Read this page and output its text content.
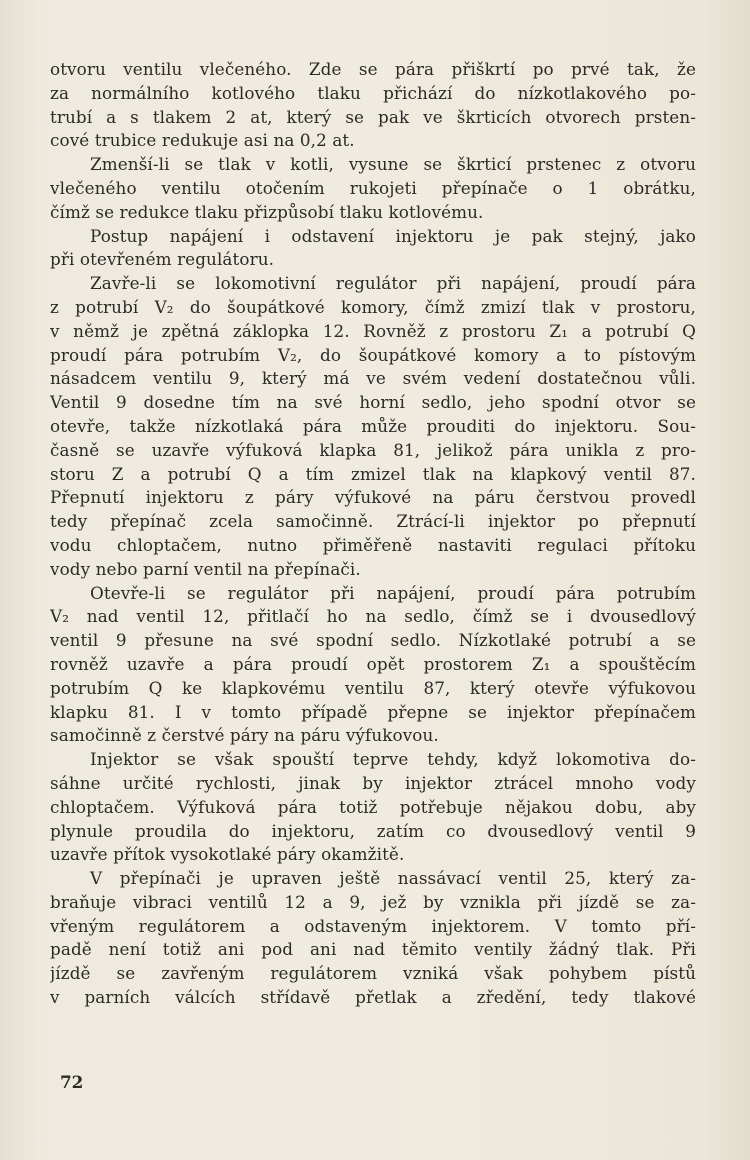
otvoru ventilu vlečeného. Zde se pára přiškrtí po prvé tak, že
za normálního kotlového tlaku přichází do nízkotlakového po-
trubí a s tlakem 2 at, který se pak ve škrticích otvorech prsten-
cové trubice redukuje asi na 0,2 at.
Zmenší-li se tlak v kotli, vysune se škrticí prstenec z otvoru
vlečeného ventilu otočením rukojeti přepínače o 1 obrátku,
čímž se redukce tlaku přizpůsobí tlaku kotlovému.
Postup napájení i odstavení injektoru je pak stejný, jako
při otevřeném regulátoru.
Zavře-li se lokomotivní regulátor při napájení, proudí pára
z potrubí V₂ do šoupátkové komory, čímž zmizí tlak v prostoru,
v němž je zpětná záklopka 12. Rovněž z prostoru Z₁ a potrubí Q
proudí pára potrubím V₂, do šoupátkové komory a to pístovým
násadcem ventilu 9, který má ve svém vedení dostatečnou vůli.
Ventil 9 dosedne tím na své horní sedlo, jeho spodní otvor se
otevře, takže nízkotlaká pára může prouditi do injektoru. Sou-
časně se uzavře výfuková klapka 81, jelikož pára unikla z pro-
storu Z a potrubí Q a tím zmizel tlak na klapkový ventil 87.
Přepnutí injektoru z páry výfukové na páru čerstvou provedl
tedy přepínač zcela samočinně. Ztrácí-li injektor po přepnutí
vodu chloptačem, nutno přiměřeně nastaviti regulaci přítoku
vody nebo parní ventil na přepínači.
Otevře-li se regulátor při napájení, proudí pára potrubím
V₂ nad ventil 12, přitlačí ho na sedlo, čímž se i dvousedlový
ventil 9 přesune na své spodní sedlo. Nízkotlaké potrubí a se
rovněž uzavře a pára proudí opět prostorem Z₁ a spouštěcím
potrubím Q ke klapkovému ventilu 87, který otevře výfukovou
klapku 81. I v tomto případě přepne se injektor přepínačem
samočinně z čerstvé páry na páru výfukovou.
Injektor se však spouští teprve tehdy, když lokomotiva do-
sáhne určité rychlosti, jinak by injektor ztrácel mnoho vody
chloptačem. Výfuková pára totiž potřebuje nějakou dobu, aby
plynule proudila do injektoru, zatím co dvousedlový ventil 9
uzavře přítok vysokotlaké páry okamžitě.
V přepínači je upraven ještě nassávací ventil 25, který za-
braňuje vibraci ventilů 12 a 9, jež by vznikla při jízdě se za-
vřeným regulátorem a odstaveným injektorem. V tomto pří-
padě není totiž ani pod ani nad těmito ventily žádný tlak. Při
jízdě se zavřeným regulátorem vzniká však pohybem pístů
v parních válcích střídavě přetlak a zředění, tedy tlakové
72
